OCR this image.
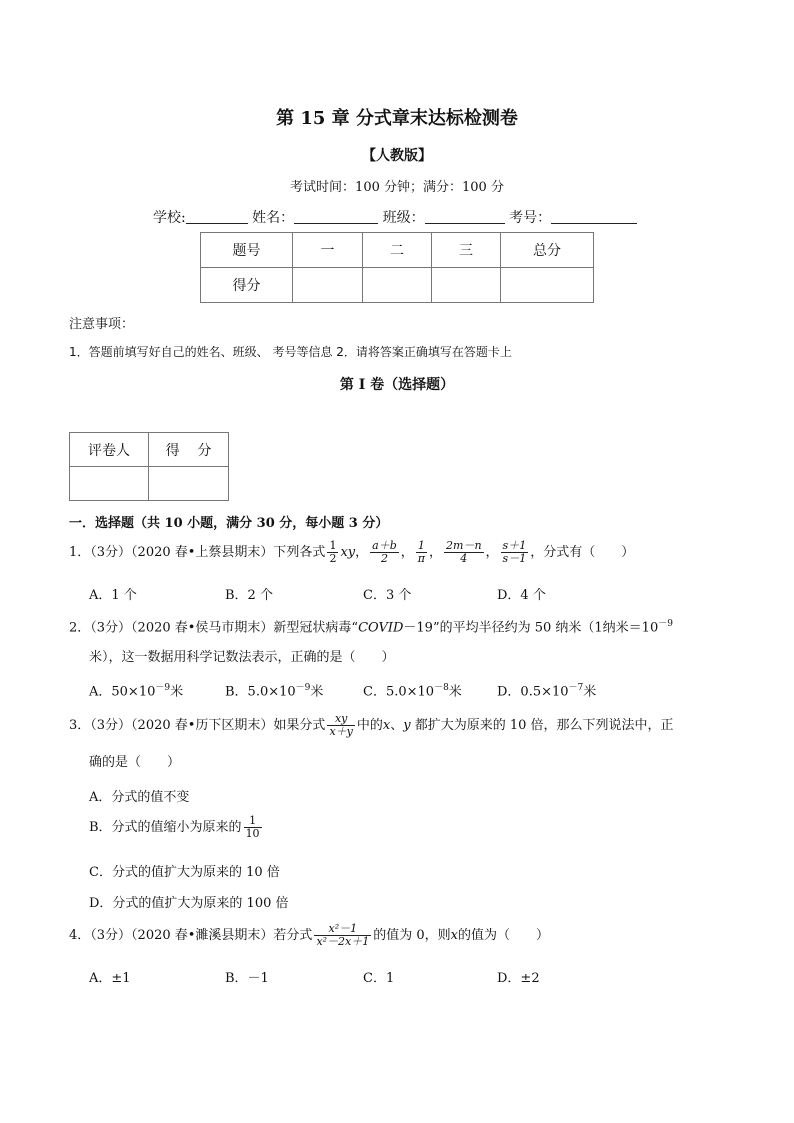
第 15 章 分式章末达标检测卷
【人教版】
考试时间：100 分钟；满分：100 分
学校:	姓名：	班级：	考号：
题号	一	二	三	总分
得分				
注意事项：
1．答题前填写好自己的姓名、班级、 考号等信息 2．请将答案正确填写在答题卡上
第 I 卷（选择题）
评卷人	得    分

一．选择题（共 10 小题，满分 30 分，每小题 3 分）
1．（3分）（2020 春•上蔡县期末）下列各式 $\frac{1}{2}$ xy， $\frac{a+b}{2}$ ， $\frac{1}{\pi}$ ， $\frac{2m-n}{4}$ ， $\frac{s+1}{s-1}$ ，分式有（　　）
A．1 个	B．2 个	C．3 个	D．4 个
2．（3分）（2020 春•侯马市期末）新型冠状病毒“COVID－19”的平均半径约为 50 纳米（1纳米$=10^{-9}$
米），这一数据用科学记数法表示，正确的是（　　）
A．$50\times 10^{-9}$米	B．$5.0\times 10^{-9}$米	C．$5.0\times 10^{-8}$米	D．$0.5\times 10^{-7}$米
3．（3分）（2020 春•历下区期末）如果分式 $\frac{xy}{x+y}$ 中的x、y 都扩大为原来的 10 倍，那么下列说法中，正
确的是（　　）
A．分式的值不变
B．分式的值缩小为原来的 $\frac{1}{10}$
C．分式的值扩大为原来的 10 倍
D．分式的值扩大为原来的 100 倍
4．（3分）（2020 春•濉溪县期末）若分式 $\frac{\text{x²－1}}{\text{x²－2x＋1}}$ 的值为 0，则x的值为（　　）
A．±1	B．－1	C．1	D．±2
